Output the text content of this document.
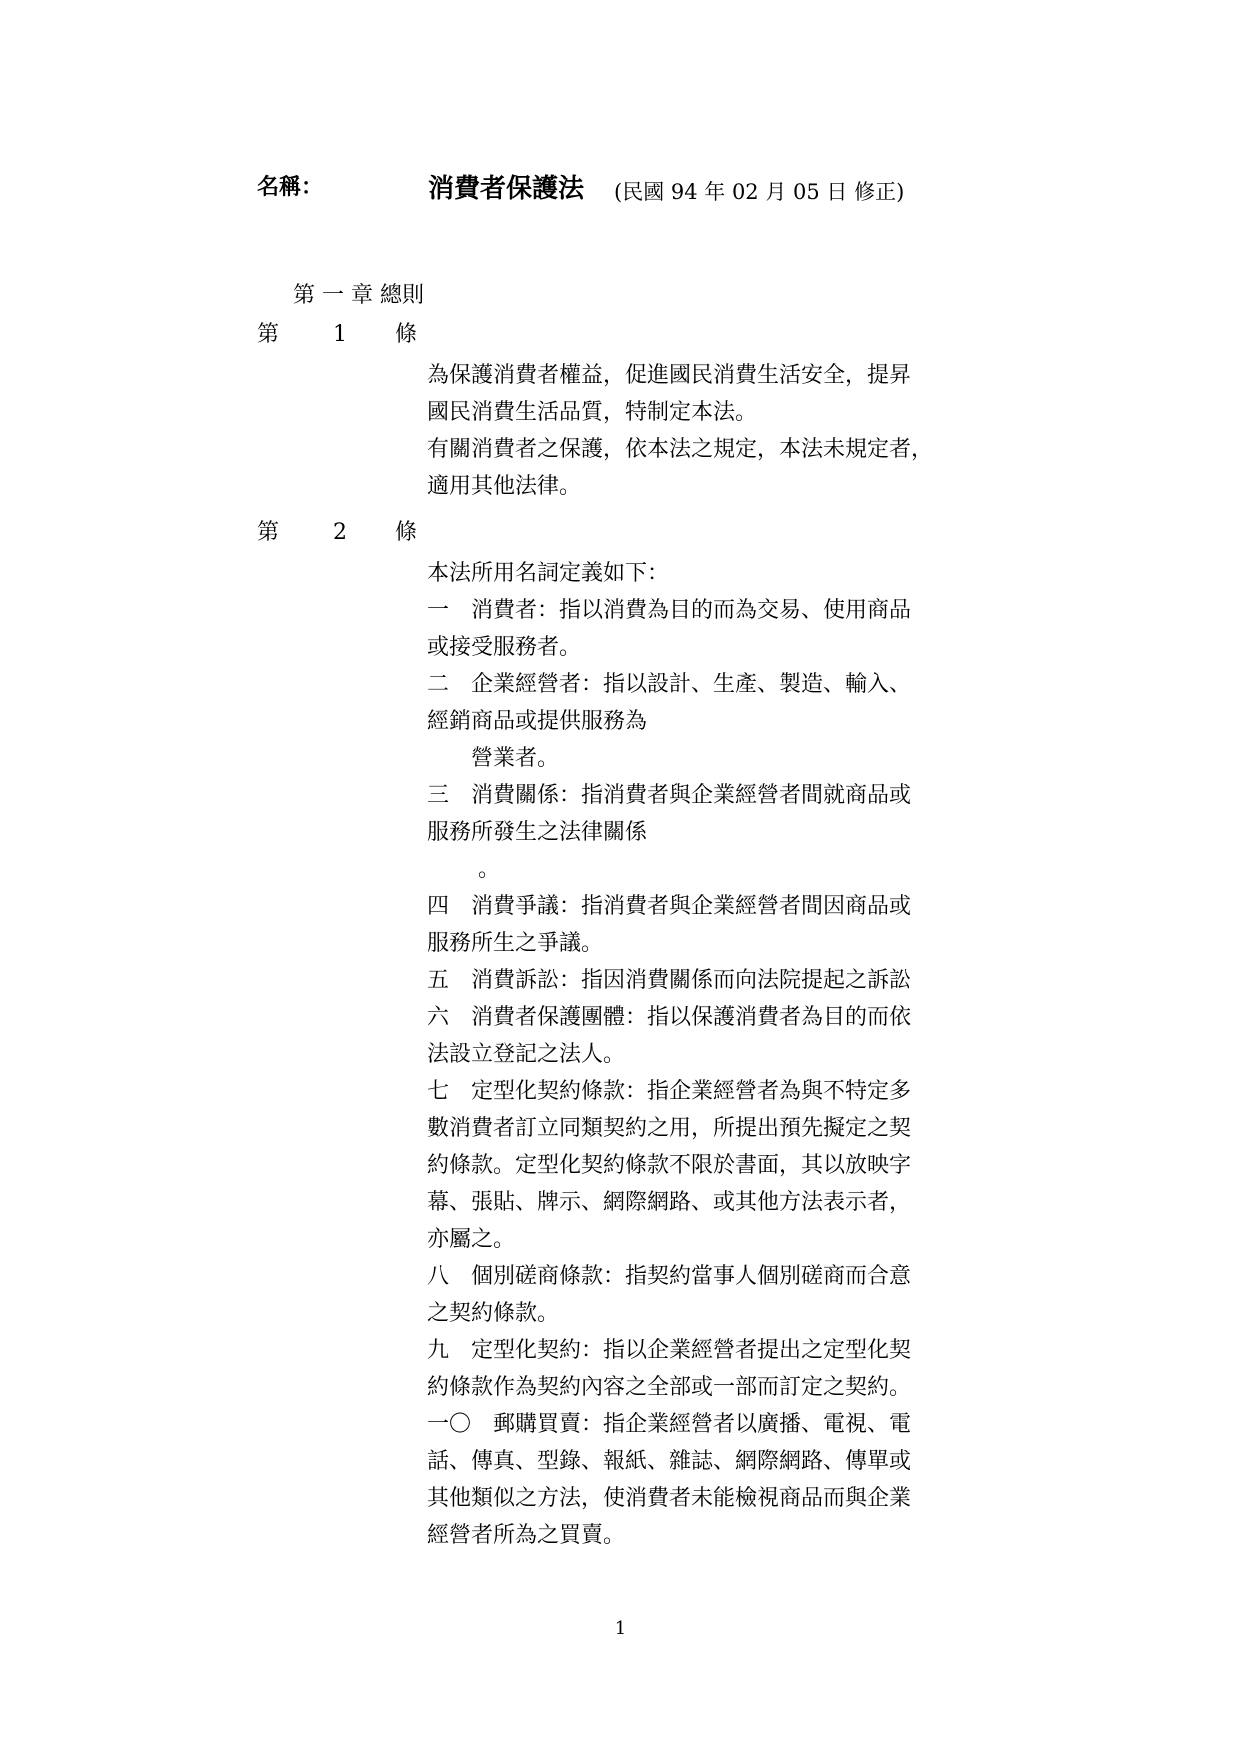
名稱：	消費者保護法 (民國 94 年 02 月 05 日 修正)
第 一 章 總則
第 1 條
為保護消費者權益，促進國民消費生活安全，提昇
國民消費生活品質，特制定本法。
有關消費者之保護，依本法之規定，本法未規定者，
適用其他法律。
第 2 條
本法所用名詞定義如下：
一　消費者：指以消費為目的而為交易、使用商品
或接受服務者。
二　企業經營者：指以設計、生產、製造、輸入、
經銷商品或提供服務為
　　營業者。
三　消費關係：指消費者與企業經營者間就商品或
服務所發生之法律關係
　　 。
四　消費爭議：指消費者與企業經營者間因商品或
服務所生之爭議。
五　消費訴訟：指因消費關係而向法院提起之訴訟
六　消費者保護團體：指以保護消費者為目的而依
法設立登記之法人。
七　定型化契約條款：指企業經營者為與不特定多
數消費者訂立同類契約之用，所提出預先擬定之契
約條款。定型化契約條款不限於書面，其以放映字
幕、張貼、牌示、網際網路、或其他方法表示者，
亦屬之。
八　個別磋商條款：指契約當事人個別磋商而合意
之契約條款。
九　定型化契約：指以企業經營者提出之定型化契
約條款作為契約內容之全部或一部而訂定之契約。
一〇　郵購買賣：指企業經營者以廣播、電視、電
話、傳真、型錄、報紙、雜誌、網際網路、傳單或
其他類似之方法，使消費者未能檢視商品而與企業
經營者所為之買賣。
1
